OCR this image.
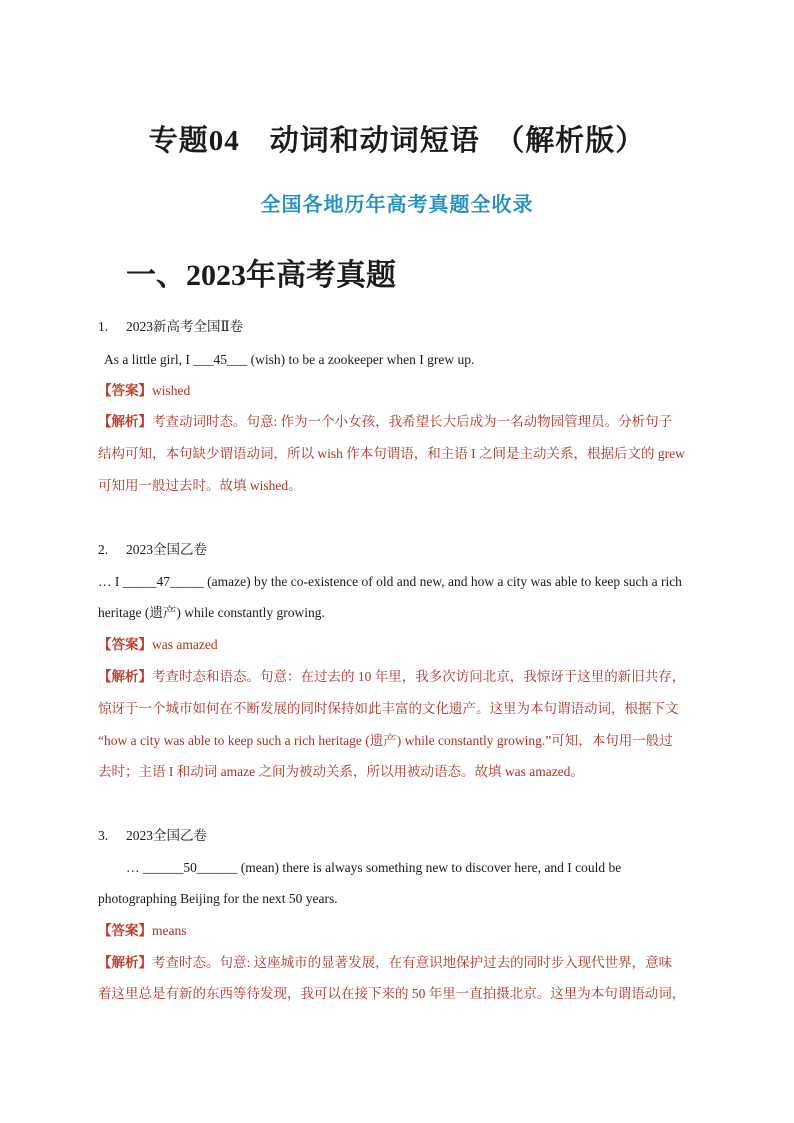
专题04　动词和动词短语　（解析版）
全国各地历年高考真题全收录
一、2023年高考真题
1. 2023新高考全国Ⅱ卷
As a little girl, I ___45___ (wish) to be a zookeeper when I grew up.
【答案】wished
【解析】考查动词时态。句意: 作为一个小女孩，我希望长大后成为一名动物园管理员。分析句子
结构可知，本句缺少谓语动词，所以 wish 作本句谓语，和主语 I 之间是主动关系，根据后文的 grew
可知用一般过去时。故填 wished。
2. 2023全国乙卷
… I _____47_____ (amaze) by the co-existence of old and new, and how a city was able to keep such a rich
heritage (遗产) while constantly growing.
【答案】was amazed
【解析】考查时态和语态。句意：在过去的 10 年里，我多次访问北京，我惊讶于这里的新旧共存，
惊讶于一个城市如何在不断发展的同时保持如此丰富的文化遗产。这里为本句谓语动词，根据下文
“how a city was able to keep such a rich heritage (遗产) while constantly growing.”可知，本句用一般过
去时；主语 I 和动词 amaze 之间为被动关系，所以用被动语态。故填 was amazed。
3. 2023全国乙卷
… ______50______ (mean) there is always something new to discover here, and I could be
photographing Beijing for the next 50 years.
【答案】means
【解析】考查时态。句意: 这座城市的显著发展，在有意识地保护过去的同时步入现代世界，意味
着这里总是有新的东西等待发现，我可以在接下来的 50 年里一直拍摄北京。这里为本句谓语动词，
